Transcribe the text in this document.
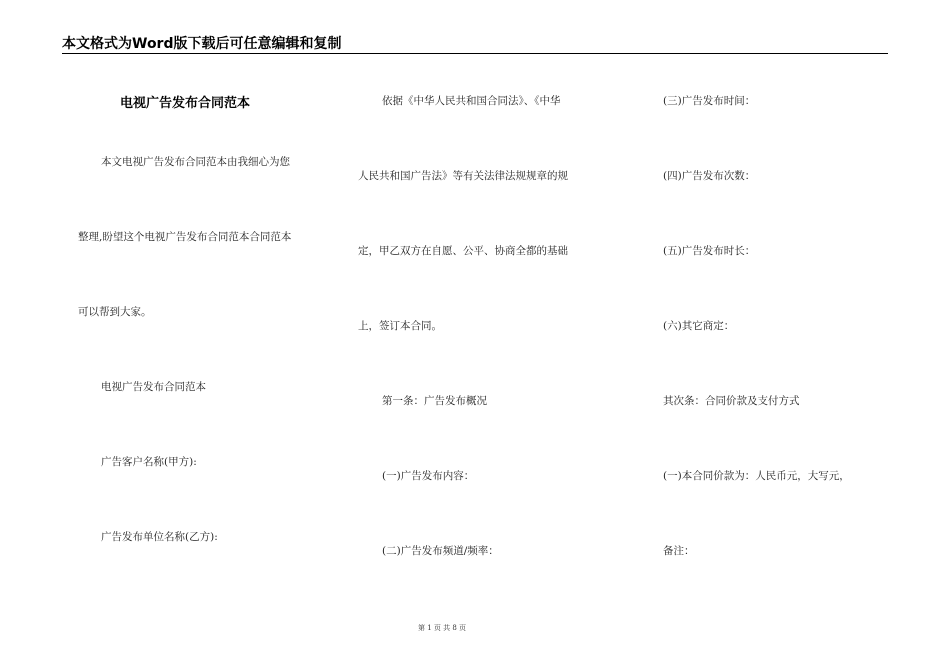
本文格式为Word版下载后可任意编辑和复制
电视广告发布合同范本
本文电视广告发布合同范本由我细心为您
整理,盼望这个电视广告发布合同范本合同范本
可以帮到大家。
电视广告发布合同范本
广告客户名称(甲方):
广告发布单位名称(乙方):
依据《中华人民共和国合同法》、《中华
人民共和国广告法》等有关法律法规规章的规
定，甲乙双方在自愿、公平、协商全都的基础
上，签订本合同。
第一条：广告发布概况
(一)广告发布内容：
(二)广告发布频道/频率：
(三)广告发布时间：
(四)广告发布次数：
(五)广告发布时长：
(六)其它商定：
其次条：合同价款及支付方式
(一)本合同价款为：人民币元，大写元，
备注：
第 1 页 共 8 页
